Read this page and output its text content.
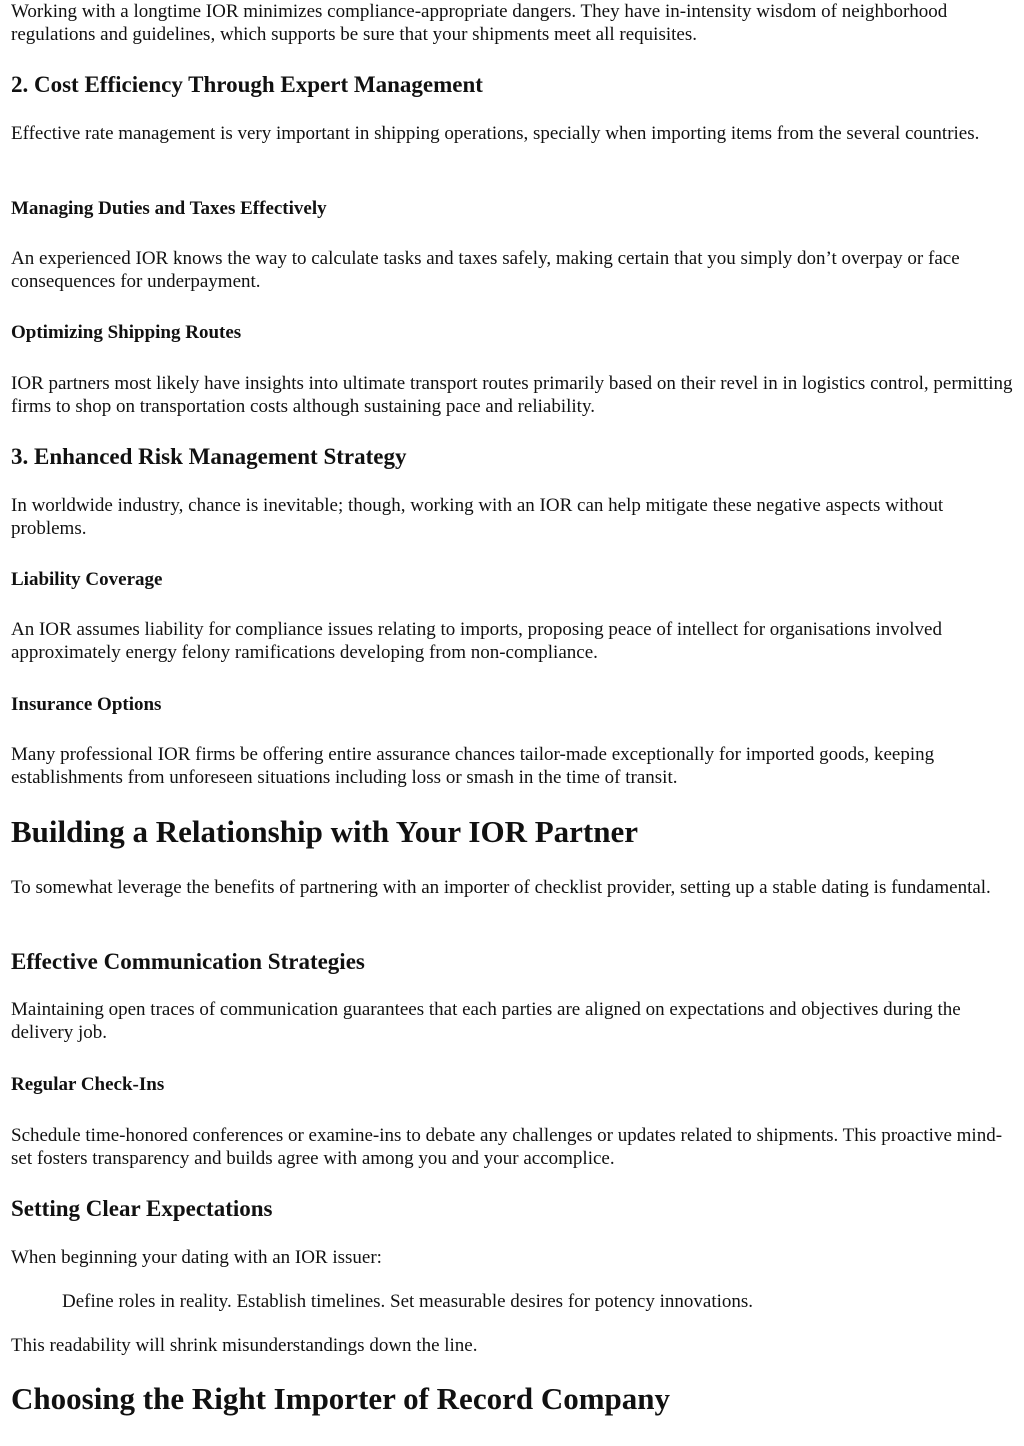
Working with a longtime IOR minimizes compliance-appropriate dangers. They have in-intensity wisdom of neighborhood regulations and guidelines, which supports be sure that your shipments meet all requisites.

2. Cost Efficiency Through Expert Management

Effective rate management is very important in shipping operations, specially when importing items from the several countries.

Managing Duties and Taxes Effectively

An experienced IOR knows the way to calculate tasks and taxes safely, making certain that you simply don’t overpay or face consequences for underpayment.

Optimizing Shipping Routes

IOR partners most likely have insights into ultimate transport routes primarily based on their revel in in logistics control, permitting firms to shop on transportation costs although sustaining pace and reliability.

3. Enhanced Risk Management Strategy

In worldwide industry, chance is inevitable; though, working with an IOR can help mitigate these negative aspects without problems.

Liability Coverage

An IOR assumes liability for compliance issues relating to imports, proposing peace of intellect for organisations involved approximately energy felony ramifications developing from non-compliance.

Insurance Options

Many professional IOR firms be offering entire assurance chances tailor-made exceptionally for imported goods, keeping establishments from unforeseen situations including loss or smash in the time of transit.

Building a Relationship with Your IOR Partner

To somewhat leverage the benefits of partnering with an importer of checklist provider, setting up a stable dating is fundamental.

Effective Communication Strategies

Maintaining open traces of communication guarantees that each parties are aligned on expectations and objectives during the delivery job.

Regular Check-Ins

Schedule time-honored conferences or examine-ins to debate any challenges or updates related to shipments. This proactive mind-set fosters transparency and builds agree with among you and your accomplice.

Setting Clear Expectations

When beginning your dating with an IOR issuer:

Define roles in reality. Establish timelines. Set measurable desires for potency innovations.

This readability will shrink misunderstandings down the line.

Choosing the Right Importer of Record Company
